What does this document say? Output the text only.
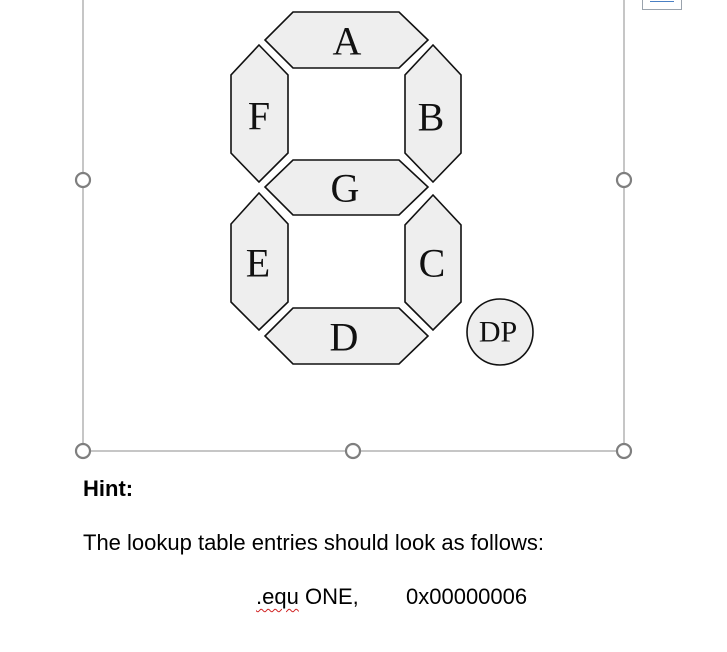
A
B
C
D
E
F
G
DP

Hint:

The lookup table entries should look as follows:

.equ ONE, 0x00000006
